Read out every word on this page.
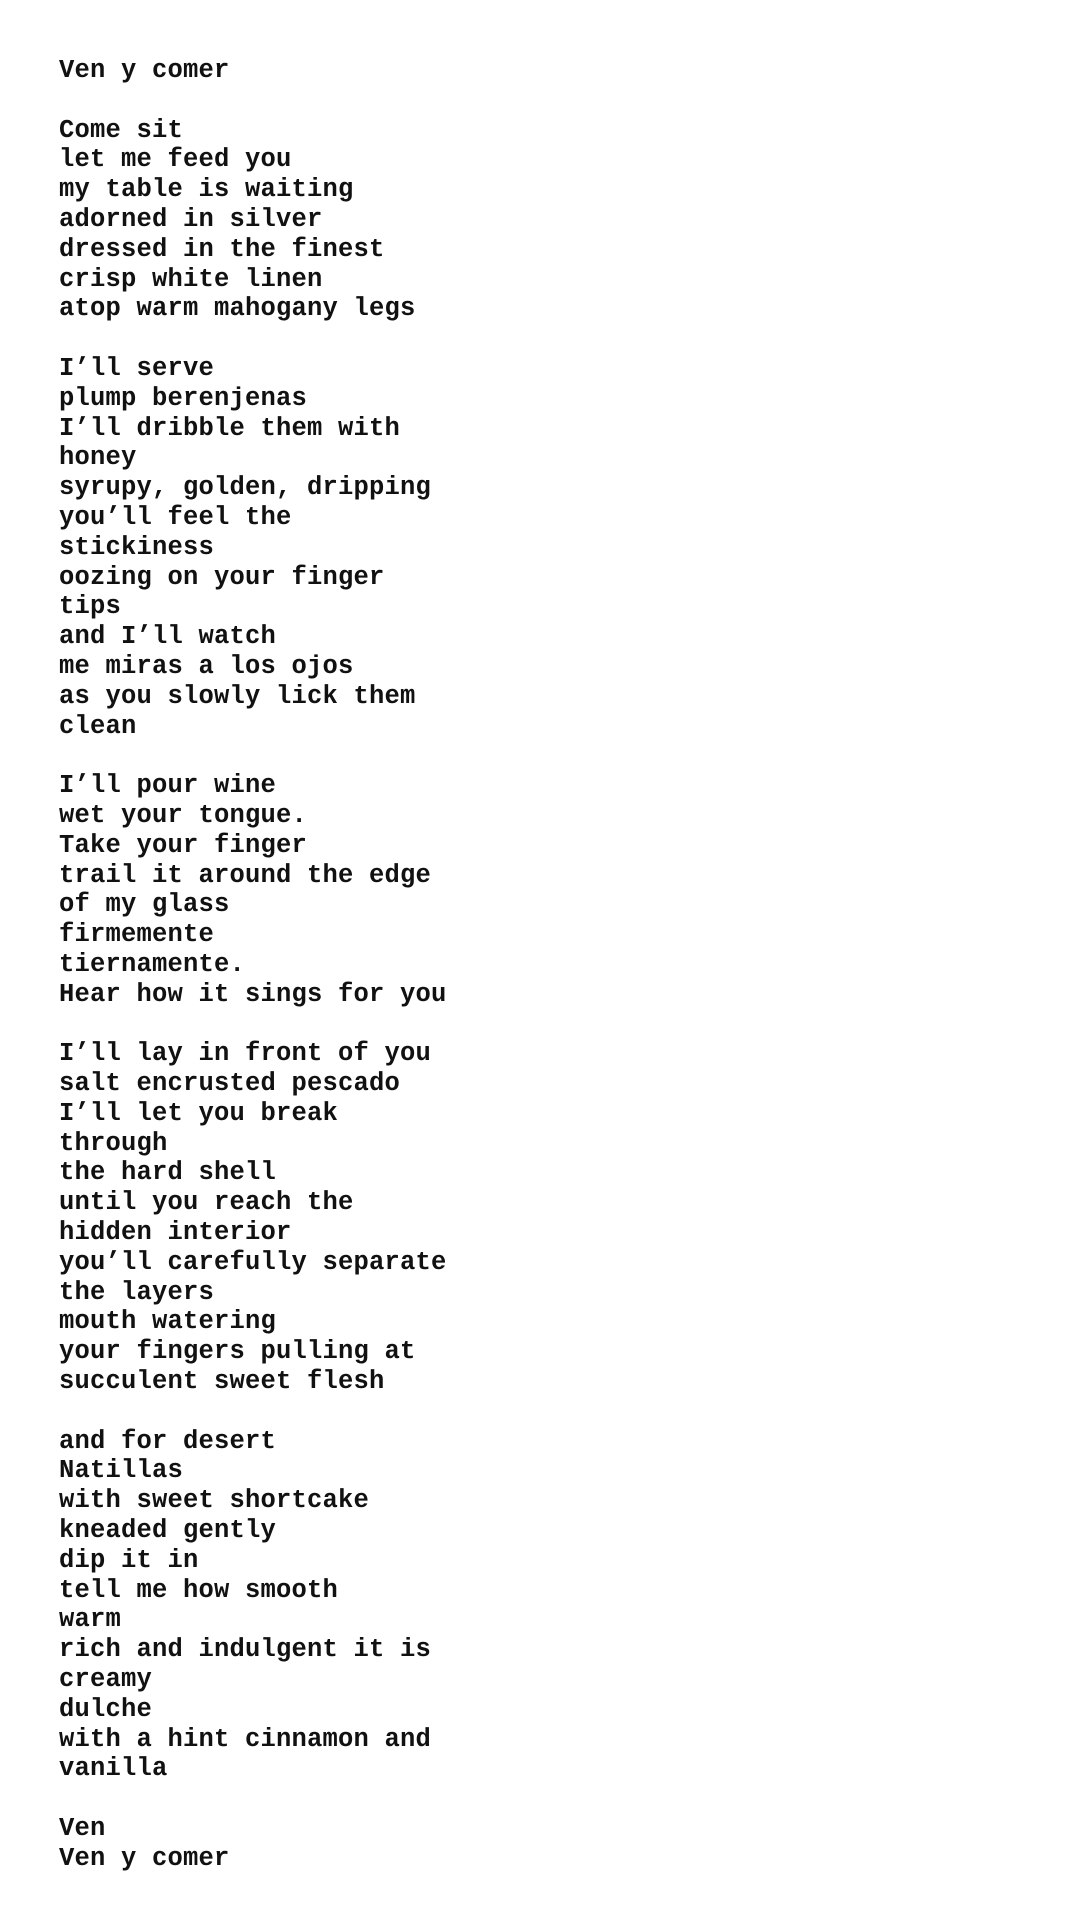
Ven y comer
Come sit
let me feed you
my table is waiting
adorned in silver
dressed in the finest
crisp white linen
atop warm mahogany legs
I’ll serve
plump berenjenas
I’ll dribble them with
honey
syrupy, golden, dripping
you’ll feel the
stickiness
oozing on your finger
tips
and I’ll watch
me miras a los ojos
as you slowly lick them
clean
I’ll pour wine
wet your tongue.
Take your finger
trail it around the edge
of my glass
firmemente
tiernamente.
Hear how it sings for you
I’ll lay in front of you
salt encrusted pescado
I’ll let you break
through
the hard shell
until you reach the
hidden interior
you’ll carefully separate
the layers
mouth watering
your fingers pulling at
succulent sweet flesh
and for desert
Natillas
with sweet shortcake
kneaded gently
dip it in
tell me how smooth
warm
rich and indulgent it is
creamy
dulche
with a hint cinnamon and
vanilla
Ven
Ven y comer
